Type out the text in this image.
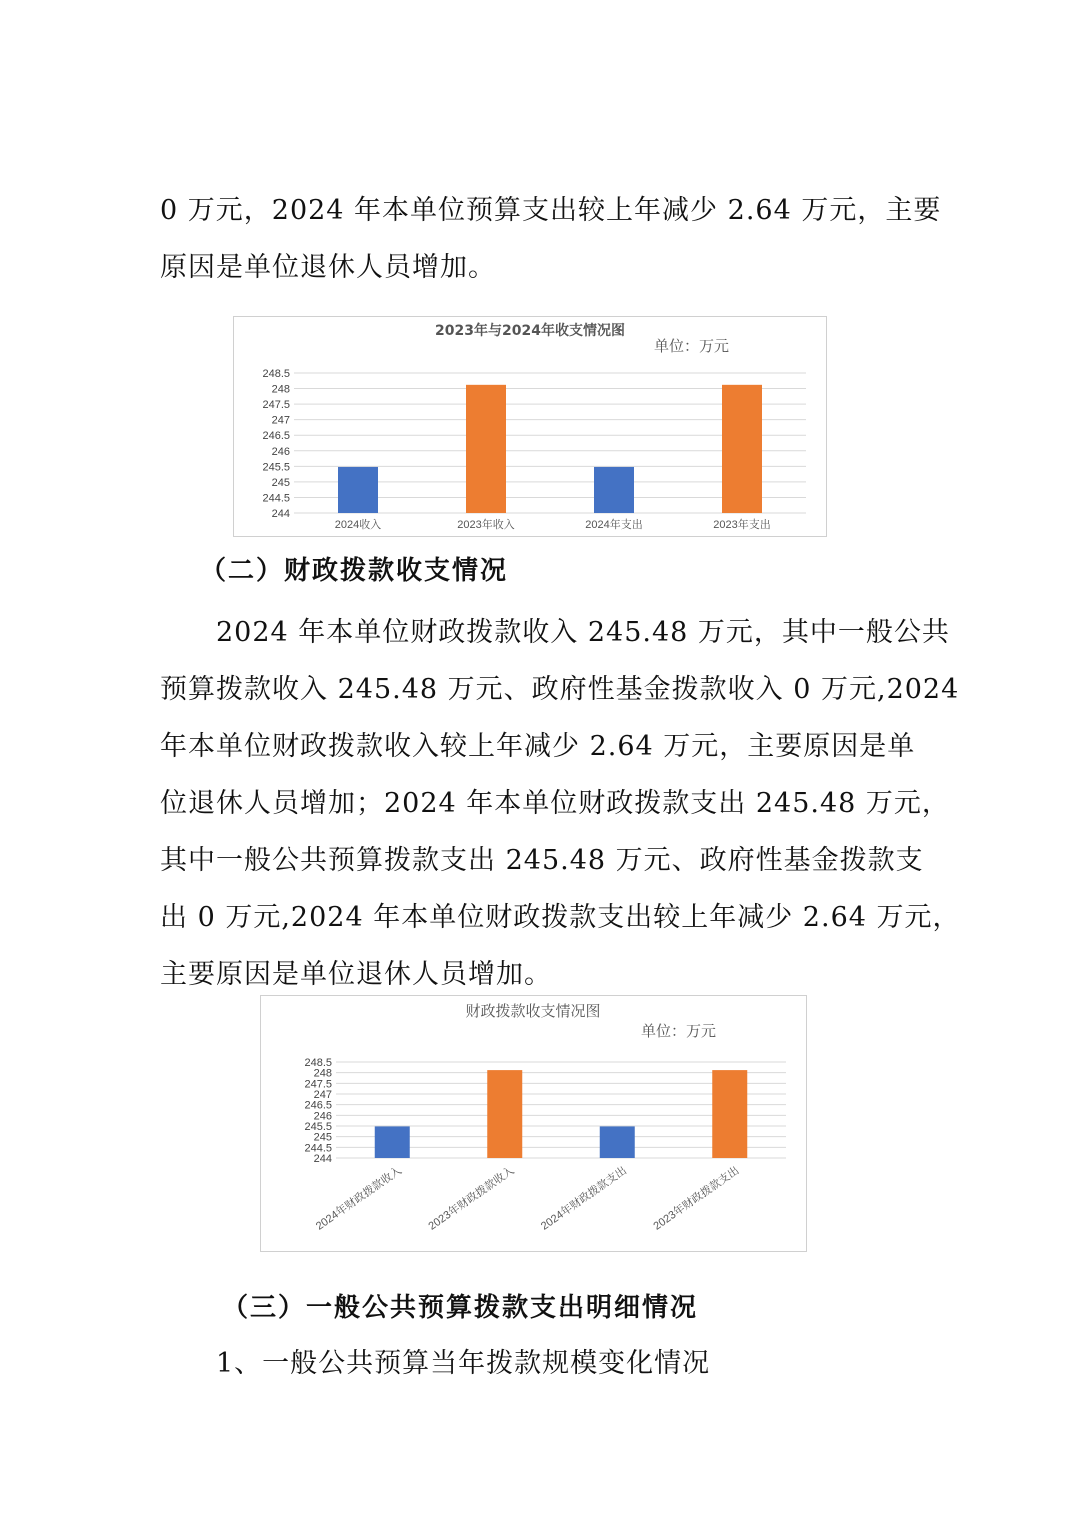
0 万元，2024 年本单位预算支出较上年减少 2.64 万元，主要
原因是单位退休人员增加。
2023年与2024年收支情况图
单位：万元
244
244.5
245
245.5
246
246.5
247
247.5
248
248.5
2024收入	2023年收入	2024年支出	2023年支出
（二）财政拨款收支情况
2024 年本单位财政拨款收入 245.48 万元，其中一般公共
预算拨款收入 245.48 万元、政府性基金拨款收入 0 万元,2024
年本单位财政拨款收入较上年减少 2.64 万元，主要原因是单
位退休人员增加；2024 年本单位财政拨款支出 245.48 万元，
其中一般公共预算拨款支出 245.48 万元、政府性基金拨款支
出 0 万元,2024 年本单位财政拨款支出较上年减少 2.64 万元，
主要原因是单位退休人员增加。
财政拨款收支情况图
单位：万元
244
244.5
245
245.5
246
246.5
247
247.5
248
248.5
2024年财政拨款收入 2023年财政拨款收入 2024年财政拨款支出 2023年财政拨款支出
（三）一般公共预算拨款支出明细情况
1、一般公共预算当年拨款规模变化情况
